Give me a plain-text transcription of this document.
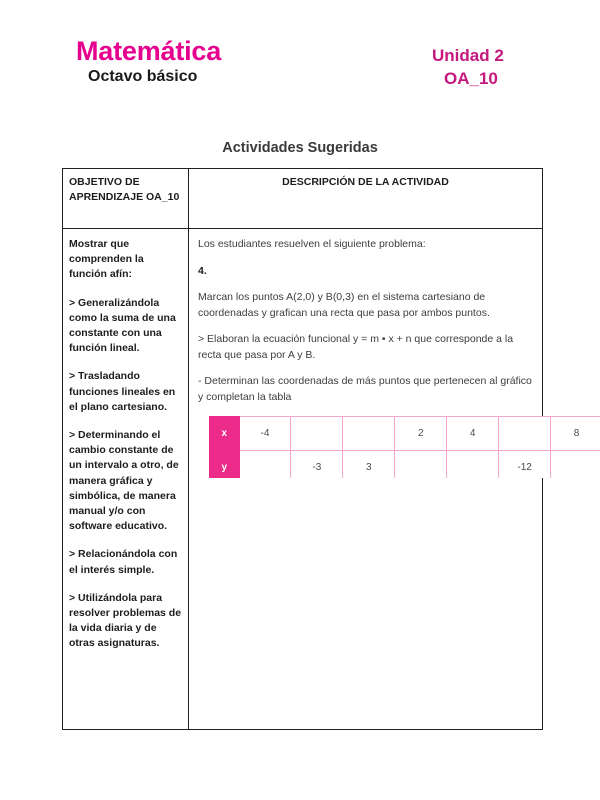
Matemática
Octavo básico
Unidad 2
OA_10
Actividades Sugeridas
OBJETIVO DE APRENDIZAJE OA_10
DESCRIPCIÓN DE LA ACTIVIDAD

Mostrar que comprenden la función afín:

> Generalizándola como la suma de una constante con una función lineal.

> Trasladando funciones lineales en el plano cartesiano.

> Determinando el cambio constante de un intervalo a otro, de manera gráfica y simbólica, de manera manual y/o con software educativo.

> Relacionándola con el interés simple.

> Utilizándola para resolver problemas de la vida diaria y de otras asignaturas.

Los estudiantes resuelven el siguiente problema:

4.

Marcan los puntos A(2,0) y B(0,3) en el sistema cartesiano de coordenadas y grafican una recta que pasa por ambos puntos.

> Elaboran la ecuación funcional y = m • x + n que corresponde a la recta que pasa por A y B.

- Determinan las coordenadas de más puntos que pertenecen al gráfico y completan la tabla

x	-4			2	4		8	
y		-3	3			-12		
